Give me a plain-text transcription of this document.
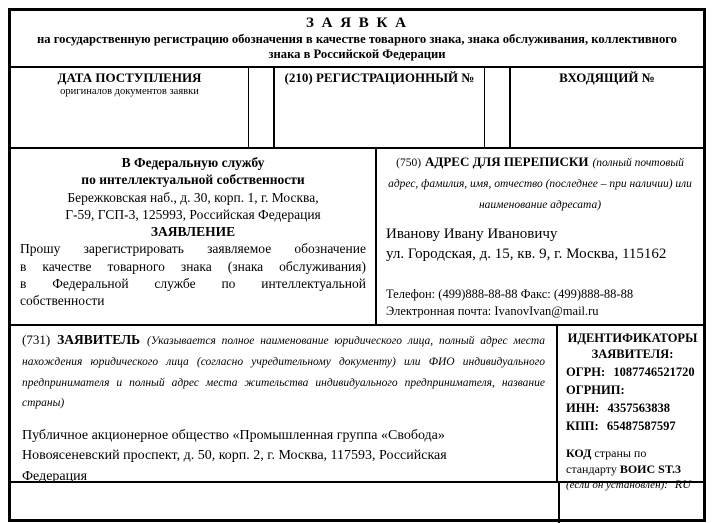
З А Я В К А
на государственную регистрацию обозначения в качестве товарного знака, знака обслуживания, коллективного
знака в Российской Федерации
ДАТА ПОСТУПЛЕНИЯ
оригиналов документов заявки
(210) РЕГИСТРАЦИОННЫЙ №	ВХОДЯЩИЙ №
В Федеральную службу
по интеллектуальной собственности
Бережковская наб., д. 30, корп. 1, г. Москва,
Г-59, ГСП-3, 125993, Российская Федерация
ЗАЯВЛЕНИЕ
Прошу зарегистрировать заявляемое обозначение
в качестве товарного знака (знака обслуживания)
в Федеральной службе по интеллектуальной
собственности
(750) АДРЕС ДЛЯ ПЕРЕПИСКИ (полный почтовый адрес, фамилия, имя, отчество (последнее – при наличии) или наименование адресата)
Иванову Ивану Ивановичу
ул. Городская, д. 15, кв. 9, г. Москва, 115162
Телефон: (499)888-88-88 Факс: (499)888-88-88
Электронная почта: IvanovIvan@mail.ru
(731) ЗАЯВИТЕЛЬ (Указывается полное наименование юридического лица, полный адрес места нахождения юридического лица (согласно учредительному документу) или ФИО индивидуального предпринимателя и полный адрес места жительства индивидуального предпринимателя, название страны)
Публичное акционерное общество «Промышленная группа «Свобода»
Новоясеневский проспект, д. 50, корп. 2, г. Москва, 117593, Российская
Федерация
ИДЕНТИФИКАТОРЫ
ЗАЯВИТЕЛЯ:
ОГРН: 1087746521720
ОГРНИП:
ИНН: 4357563838
КПП: 65487587597
КОД страны по стандарту ВОИС ST.3 (если он установлен): RU
